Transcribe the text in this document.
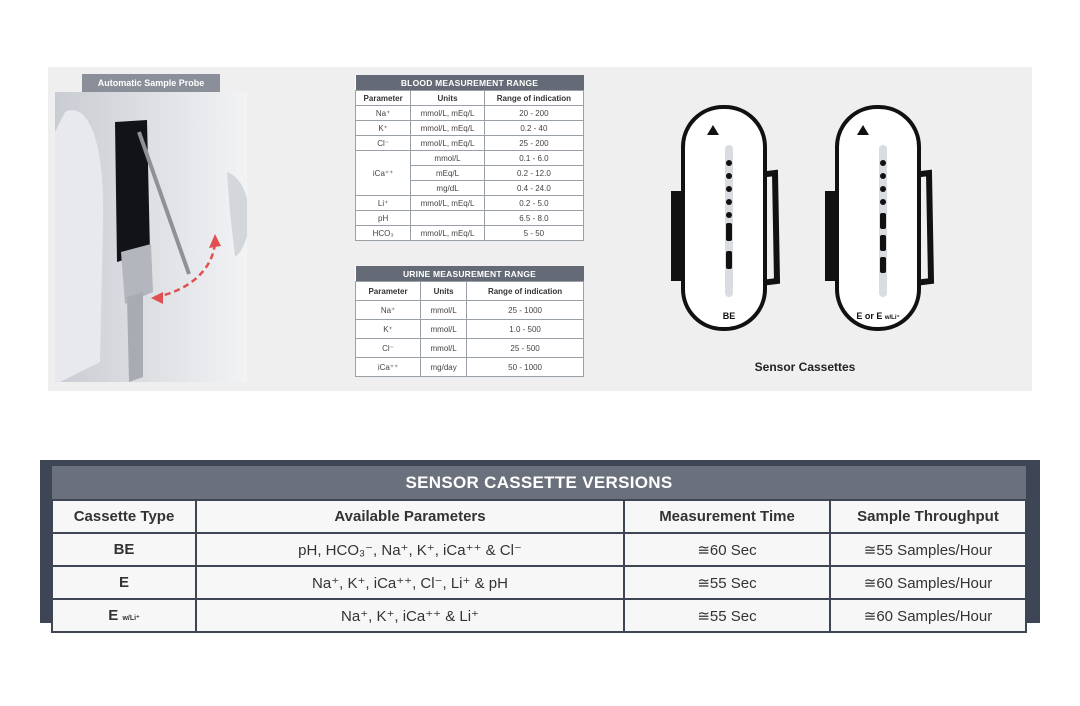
Automatic Sample Probe	BLOOD MEASUREMENT RANGE		
Parameter	Units	Range of indication
Na⁺	mmol/L, mEq/L	20 - 200
K⁺	mmol/L, mEq/L	0.2 - 40
Cl⁻	mmol/L, mEq/L	25 - 200
iCa⁺⁺	mmol/L	0.1 - 6.0
	mEq/L	0.2 - 12.0
	mg/dL	0.4 - 24.0
Li⁺	mmol/L, mEq/L	0.2 - 5.0
pH		6.5 - 8.0
HCO₃	mmol/L, mEq/L	5 - 50
URINE MEASUREMENT RANGE		
Parameter	Units	Range of indication
Na⁺	mmol/L	25 - 1000
K⁺	mmol/L	1.0 - 500
Cl⁻	mmol/L	25 - 500
iCa⁺⁺	mg/day	50 - 1000
BE	E or E w/Li⁺
Sensor Cassettes
SENSOR CASSETTE VERSIONS			
Cassette Type	Available Parameters	Measurement Time	Sample Throughput
BE	pH, HCO₃⁻, Na⁺, K⁺, iCa⁺⁺ & Cl⁻	≅60 Sec	≅55 Samples/Hour
E	Na⁺, K⁺, iCa⁺⁺, Cl⁻, Li⁺ & pH	≅55 Sec	≅60 Samples/Hour
E w/Li⁺	Na⁺, K⁺, iCa⁺⁺ & Li⁺	≅55 Sec	≅60 Samples/Hour
